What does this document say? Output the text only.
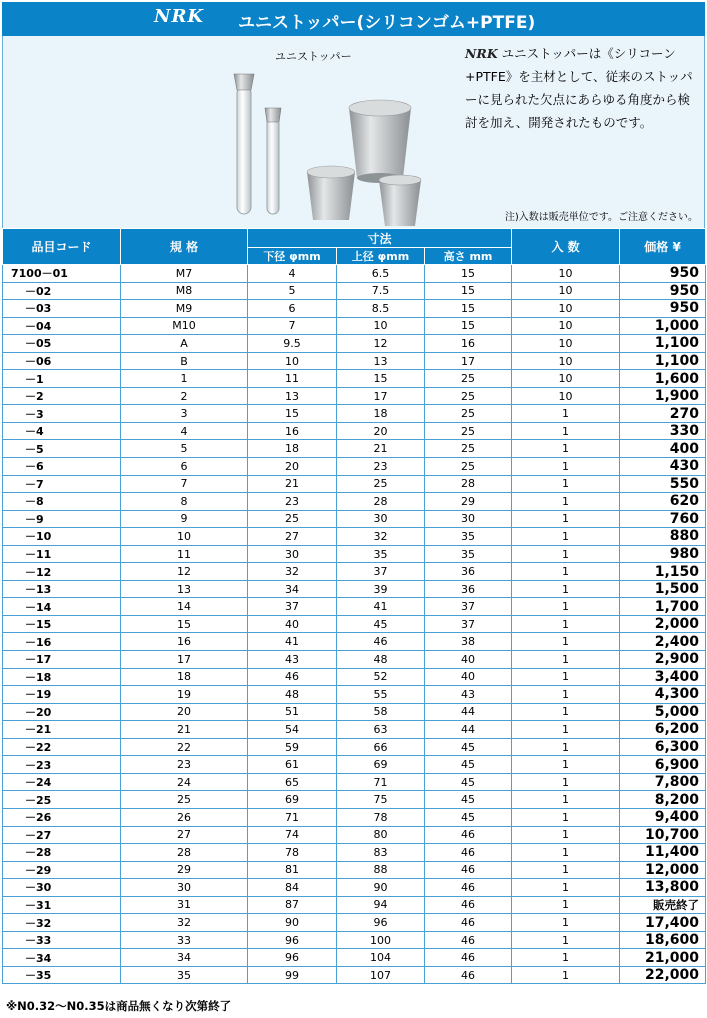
NRK ユニストッパー(シリコンゴム+PTFE)
ユニストッパー	NRK ユニストッパーは《シリコーン+PTFE》を主材として、従来のストッパーに見られた欠点にあらゆる角度から検討を加え、開発されたものです。
注)入数は販売単位です。ご注意ください。
品目コード	規 格	寸法			入 数	価格 ¥
		下径 φmm	上径 φmm	高さ mm		
7100－01	M7	4	6.5	15	10	950
－02	M8	5	7.5	15	10	950
－03	M9	6	8.5	15	10	950
－04	M10	7	10	15	10	1,000
－05	A	9.5	12	16	10	1,100
－06	B	10	13	17	10	1,100
－1	1	11	15	25	10	1,600
－2	2	13	17	25	10	1,900
－3	3	15	18	25	1	270
－4	4	16	20	25	1	330
－5	5	18	21	25	1	400
－6	6	20	23	25	1	430
－7	7	21	25	28	1	550
－8	8	23	28	29	1	620
－9	9	25	30	30	1	760
－10	10	27	32	35	1	880
－11	11	30	35	35	1	980
－12	12	32	37	36	1	1,150
－13	13	34	39	36	1	1,500
－14	14	37	41	37	1	1,700
－15	15	40	45	37	1	2,000
－16	16	41	46	38	1	2,400
－17	17	43	48	40	1	2,900
－18	18	46	52	40	1	3,400
－19	19	48	55	43	1	4,300
－20	20	51	58	44	1	5,000
－21	21	54	63	44	1	6,200
－22	22	59	66	45	1	6,300
－23	23	61	69	45	1	6,900
－24	24	65	71	45	1	7,800
－25	25	69	75	45	1	8,200
－26	26	71	78	45	1	9,400
－27	27	74	80	46	1	10,700
－28	28	78	83	46	1	11,400
－29	29	81	88	46	1	12,000
－30	30	84	90	46	1	13,800
－31	31	87	94	46	1	販売終了
－32	32	90	96	46	1	17,400
－33	33	96	100	46	1	18,600
－34	34	96	104	46	1	21,000
－35	35	99	107	46	1	22,000
※N0.32～N0.35は商品無くなり次第終了
